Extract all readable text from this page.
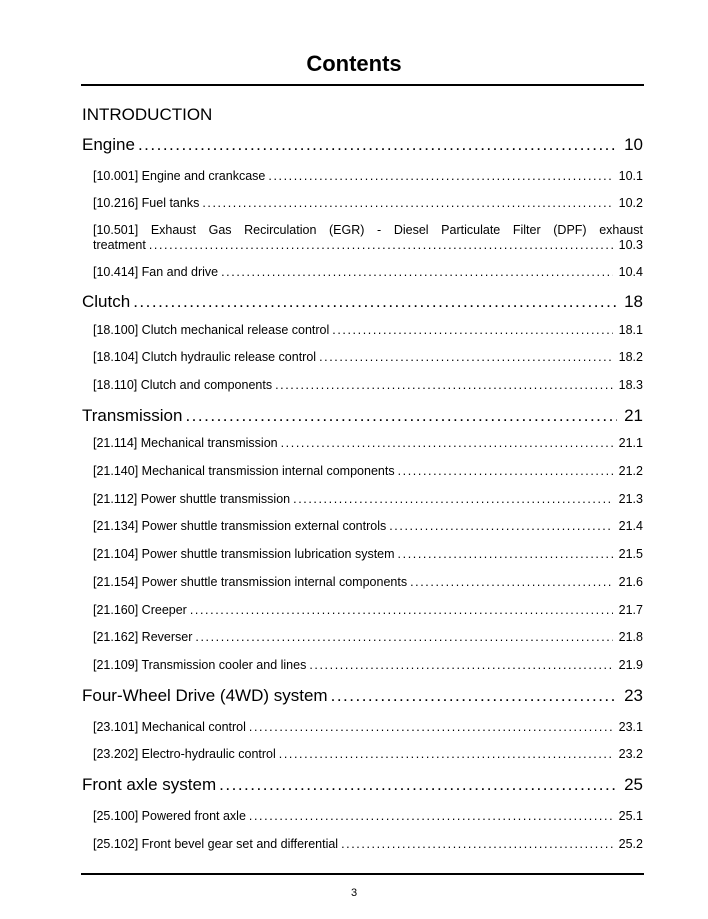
Contents
INTRODUCTION
Engine .....	10
[10.001] Engine and crankcase .....	10.1
[10.216] Fuel tanks .....	10.2
[10.501] Exhaust Gas Recirculation (EGR) - Diesel Particulate Filter (DPF) exhaust
treatment .....	10.3
[10.414] Fan and drive .....	10.4
Clutch .....	18
[18.100] Clutch mechanical release control .....	18.1
[18.104] Clutch hydraulic release control .....	18.2
[18.110] Clutch and components .....	18.3
Transmission .....	21
[21.114] Mechanical transmission .....	21.1
[21.140] Mechanical transmission internal components .....	21.2
[21.112] Power shuttle transmission .....	21.3
[21.134] Power shuttle transmission external controls .....	21.4
[21.104] Power shuttle transmission lubrication system .....	21.5
[21.154] Power shuttle transmission internal components .....	21.6
[21.160] Creeper .....	21.7
[21.162] Reverser .....	21.8
[21.109] Transmission cooler and lines .....	21.9
Four-Wheel Drive (4WD) system .....	23
[23.101] Mechanical control .....	23.1
[23.202] Electro-hydraulic control .....	23.2
Front axle system .....	25
[25.100] Powered front axle .....	25.1
[25.102] Front bevel gear set and differential .....	25.2
3
